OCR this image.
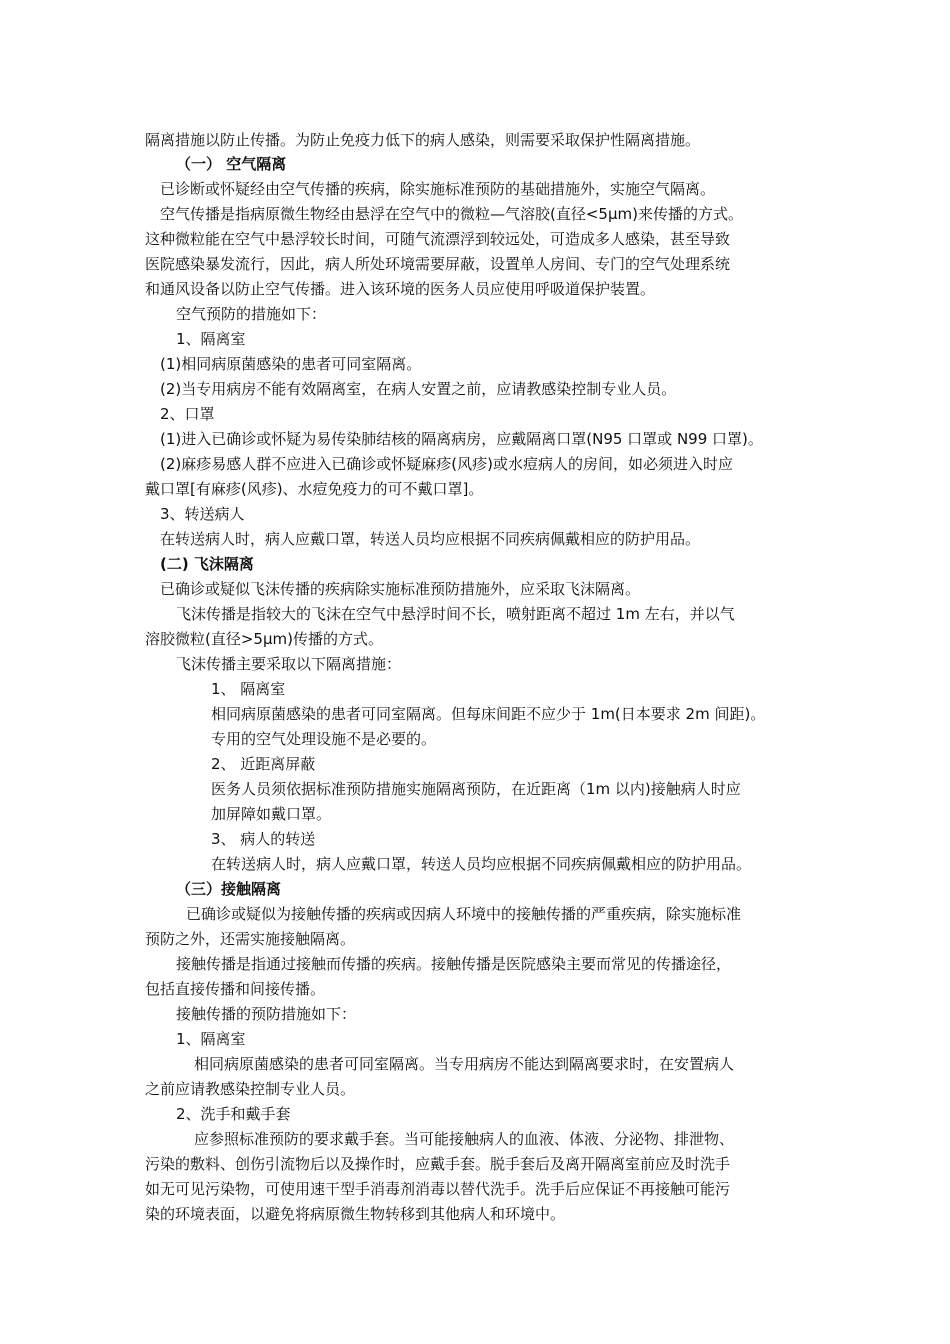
隔离措施以防止传播。为防止免疫力低下的病人感染，则需要采取保护性隔离措施。

（一） 空气隔离

已诊断或怀疑经由空气传播的疾病，除实施标准预防的基础措施外，实施空气隔离。

空气传播是指病原微生物经由悬浮在空气中的微粒—气溶胶(直径<5μm)来传播的方式。

这种微粒能在空气中悬浮较长时间，可随气流漂浮到较远处，可造成多人感染，甚至导致

医院感染暴发流行，因此，病人所处环境需要屏蔽，设置单人房间、专门的空气处理系统

和通风设备以防止空气传播。进入该环境的医务人员应使用呼吸道保护装置。

空气预防的措施如下：

1、隔离室

(1)相同病原菌感染的患者可同室隔离。

(2)当专用病房不能有效隔离室，在病人安置之前，应请教感染控制专业人员。

2、口罩

(1)进入已确诊或怀疑为易传染肺结核的隔离病房，应戴隔离口罩(N95 口罩或 N99 口罩)。

(2)麻疹易感人群不应进入已确诊或怀疑麻疹(风疹)或水痘病人的房间，如必须进入时应

戴口罩[有麻疹(风疹)、水痘免疫力的可不戴口罩]。

3、转送病人

在转送病人时，病人应戴口罩，转送人员均应根据不同疾病佩戴相应的防护用品。

(二) 飞沫隔离

已确诊或疑似飞沫传播的疾病除实施标准预防措施外，应采取飞沫隔离。

飞沫传播是指较大的飞沫在空气中悬浮时间不长，喷射距离不超过 1m 左右，并以气

溶胶微粒(直径>5μm)传播的方式。

飞沫传播主要采取以下隔离措施：

1、 隔离室

相同病原菌感染的患者可同室隔离。但每床间距不应少于 1m(日本要求 2m 间距)。

专用的空气处理设施不是必要的。

2、 近距离屏蔽

医务人员须依据标准预防措施实施隔离预防，在近距离（1m 以内)接触病人时应

加屏障如戴口罩。

3、 病人的转送

在转送病人时，病人应戴口罩，转送人员均应根据不同疾病佩戴相应的防护用品。

（三）接触隔离

已确诊或疑似为接触传播的疾病或因病人环境中的接触传播的严重疾病，除实施标准

预防之外，还需实施接触隔离。

接触传播是指通过接触而传播的疾病。接触传播是医院感染主要而常见的传播途径，

包括直接传播和间接传播。

接触传播的预防措施如下：

1、隔离室

相同病原菌感染的患者可同室隔离。当专用病房不能达到隔离要求时，在安置病人

之前应请教感染控制专业人员。

2、洗手和戴手套

应参照标准预防的要求戴手套。当可能接触病人的血液、体液、分泌物、排泄物、

污染的敷料、创伤引流物后以及操作时，应戴手套。脱手套后及离开隔离室前应及时洗手

如无可见污染物，可使用速干型手消毒剂消毒以替代洗手。洗手后应保证不再接触可能污

染的环境表面，以避免将病原微生物转移到其他病人和环境中。
